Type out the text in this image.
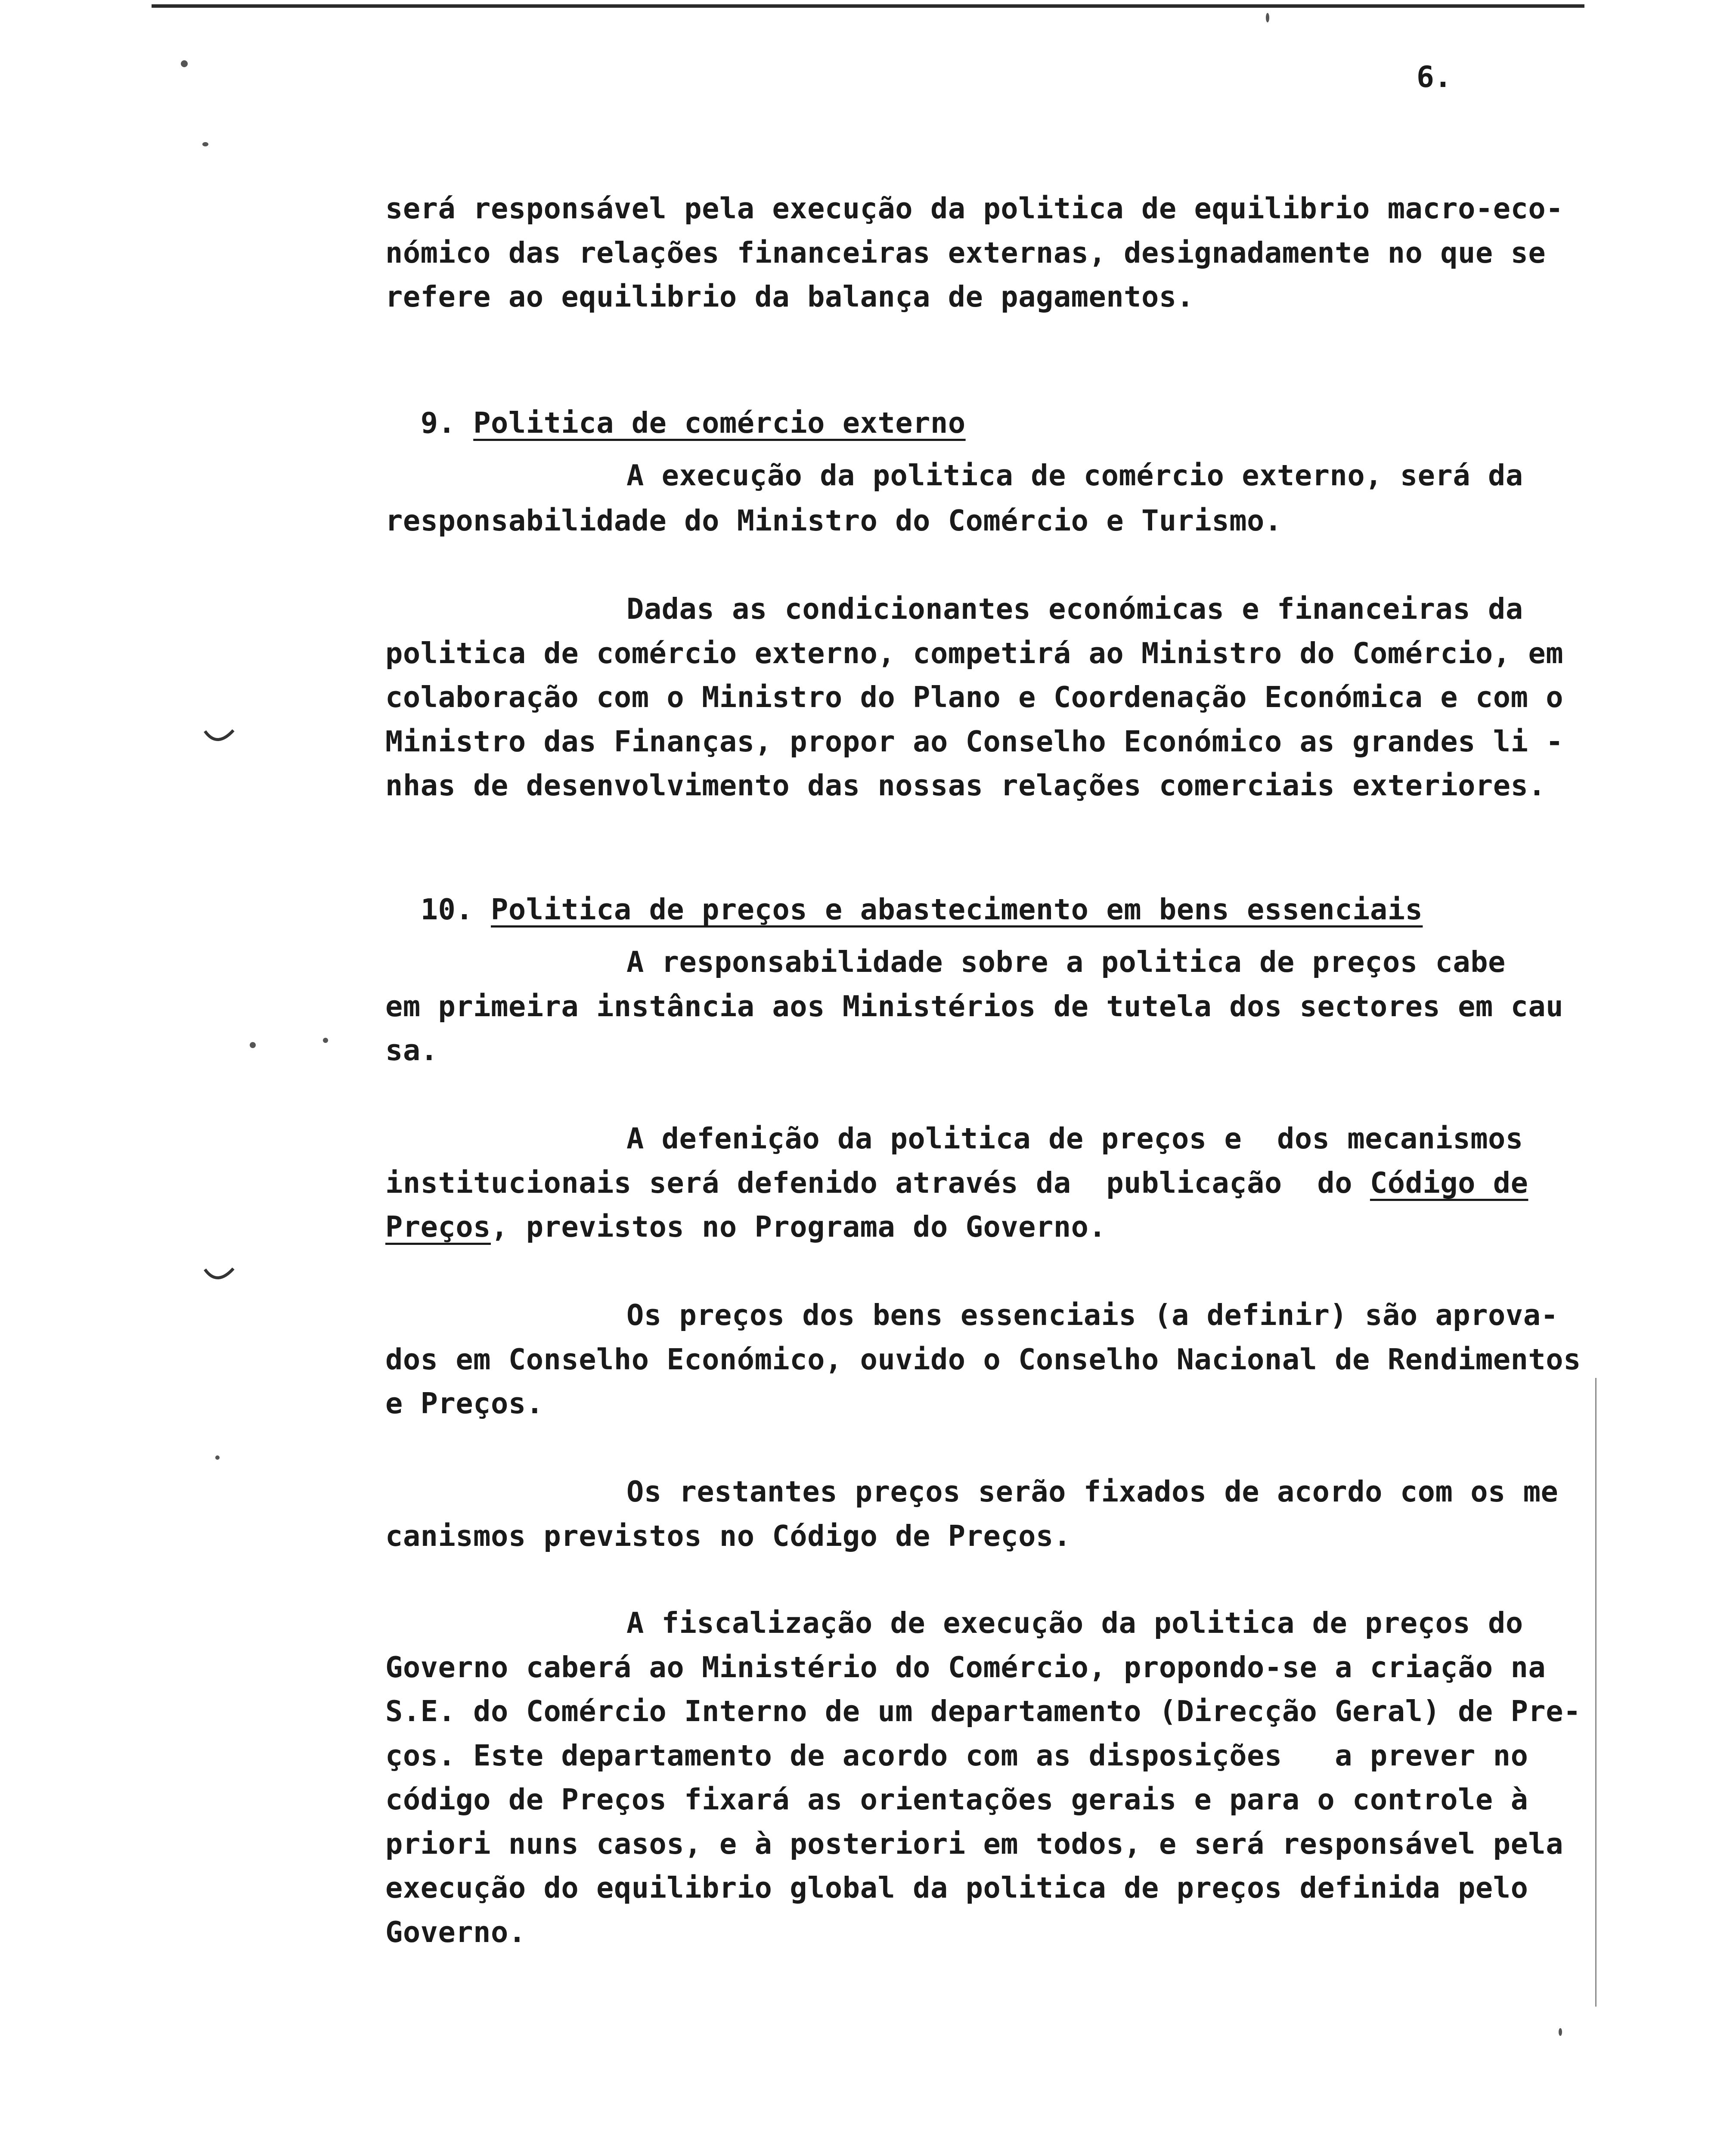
6.
será responsável pela execução da politica de equilibrio macro-eco-
nómico das relações financeiras externas, designadamente no que se
refere ao equilibrio da balança de pagamentos.

9. Politica de comércio externo

A execução da politica de comércio externo, será da
responsabilidade do Ministro do Comércio e Turismo.
Dadas as condicionantes económicas e financeiras da
politica de comércio externo, competirá ao Ministro do Comércio, em
colaboração com o Ministro do Plano e Coordenação Económica e com o
Ministro das Finanças, propor ao Conselho Económico as grandes li -
nhas de desenvolvimento das nossas relações comerciais exteriores.

10. Politica de preços e abastecimento em bens essenciais

A responsabilidade sobre a politica de preços cabe
em primeira instância aos Ministérios de tutela dos sectores em cau
sa.
A defenição da politica de preços e  dos mecanismos
institucionais será defenido através da  publicação  do Código de
Preços, previstos no Programa do Governo.
Os preços dos bens essenciais (a definir) são aprova-
dos em Conselho Económico, ouvido o Conselho Nacional de Rendimentos
e Preços.
Os restantes preços serão fixados de acordo com os me
canismos previstos no Código de Preços.
A fiscalização de execução da politica de preços do
Governo caberá ao Ministério do Comércio, propondo-se a criação na
S.E. do Comércio Interno de um departamento (Direcção Geral) de Pre-
ços. Este departamento de acordo com as disposições   a prever no
código de Preços fixará as orientações gerais e para o controle à
priori nuns casos, e à posteriori em todos, e será responsável pela
execução do equilibrio global da politica de preços definida pelo
Governo.
